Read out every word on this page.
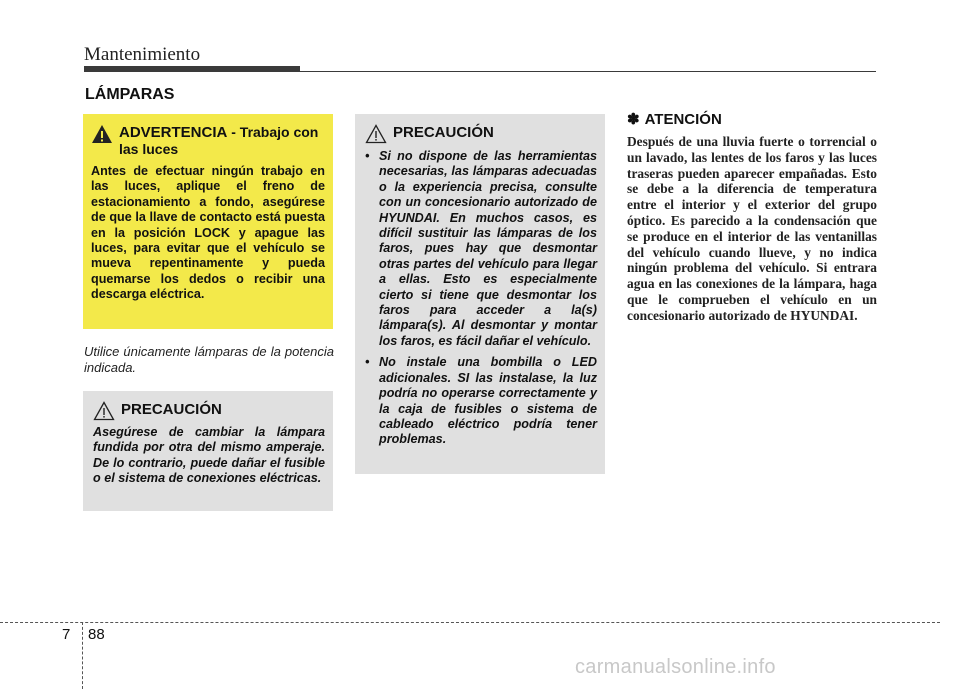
Mantenimiento
LÁMPARAS
ADVERTENCIA - Trabajo con las luces
Antes de efectuar ningún trabajo en las luces, aplique el freno de estacionamiento a fondo, asegúrese de que la llave de contacto está puesta en la posición LOCK y apague las luces, para evitar que el vehículo se mueva repentinamente y pueda quemarse los dedos o recibir una descarga eléctrica.
Utilice únicamente lámparas de la potencia indicada.
PRECAUCIÓN
Asegúrese de cambiar la lámpara fundida por otra del mismo amperaje. De lo contrario, puede dañar el fusible o el sistema de conexiones eléctricas.
PRECAUCIÓN
• Si no dispone de las herramientas necesarias, las lámparas adecuadas o la experiencia precisa, consulte con un concesionario autorizado de HYUNDAI. En muchos casos, es difícil sustituir las lámparas de los faros, pues hay que desmontar otras partes del vehículo para llegar a ellas. Esto es especialmente cierto si tiene que desmontar los faros para acceder a la(s) lámpara(s). Al desmontar y montar los faros, es fácil dañar el vehículo.
• No instale una bombilla o LED adicionales. SI las instalase, la luz podría no operarse correctamente y la caja de fusibles o sistema de cableado eléctrico podría tener problemas.
✽ ATENCIÓN
Después de una lluvia fuerte o torrencial o un lavado, las lentes de los faros y las luces traseras pueden aparecer empañadas. Esto se debe a la diferencia de temperatura entre el interior y el exterior del grupo óptico. Es parecido a la condensación que se produce en el interior de las ventanillas del vehículo cuando llueve, y no indica ningún problema del vehículo. Si entrara agua en las conexiones de la lámpara, haga que le comprueben el vehículo en un concesionario autorizado de HYUNDAI.
7 88
carmanualsonline.info
